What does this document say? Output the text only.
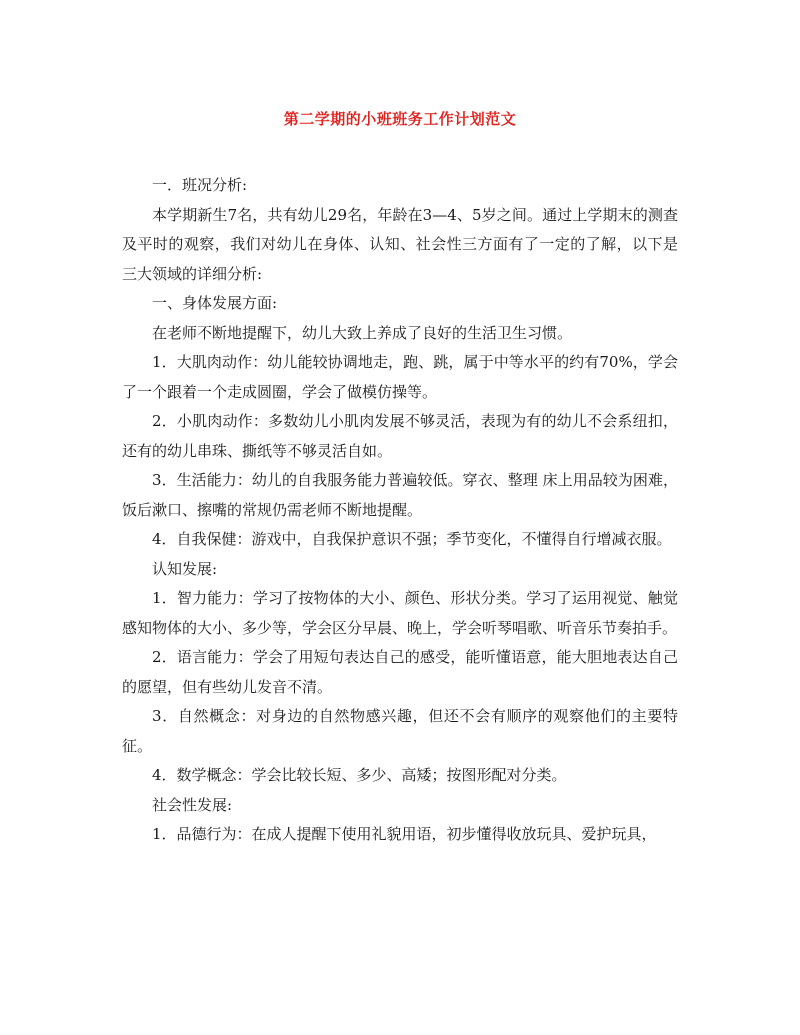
第二学期的小班班务工作计划范文

一．班况分析:

本学期新生7名，共有幼儿29名，年龄在3—4、5岁之间。通过上学期末的测查及平时的观察，我们对幼儿在身体、认知、社会性三方面有了一定的了解，以下是 三大领域的详细分析:

一、身体发展方面:

在老师不断地提醒下，幼儿大致上养成了良好的生活卫生习惯。

1．大肌肉动作：幼儿能较协调地走，跑、跳，属于中等水平的约有70%，学会了一个跟着一个走成圆圈，学会了做模仿操等。

2．小肌肉动作：多数幼儿小肌肉发展不够灵活，表现为有的幼儿不会系纽扣，还有的幼儿串珠、撕纸等不够灵活自如。

3．生活能力：幼儿的自我服务能力普遍较低。穿衣、整理 床上用品较为困难，饭后漱口、擦嘴的常规仍需老师不断地提醒。

4．自我保健：游戏中，自我保护意识不强；季节变化，不懂得自行增减衣服。

认知发展:

1．智力能力：学习了按物体的大小、颜色、形状分类。学习了运用视觉、触觉感知物体的大小、多少等，学会区分早晨、晚上，学会听琴唱歌、听音乐节奏拍手。

2．语言能力：学会了用短句表达自己的感受，能听懂语意，能大胆地表达自己的愿望，但有些幼儿发音不清。

3．自然概念：对身边的自然物感兴趣，但还不会有顺序的观察他们的主要特征。

4．数学概念：学会比较长短、多少、高矮；按图形配对分类。

社会性发展:

1．品德行为：在成人提醒下使用礼貌用语，初步懂得收放玩具、爱护玩具，
